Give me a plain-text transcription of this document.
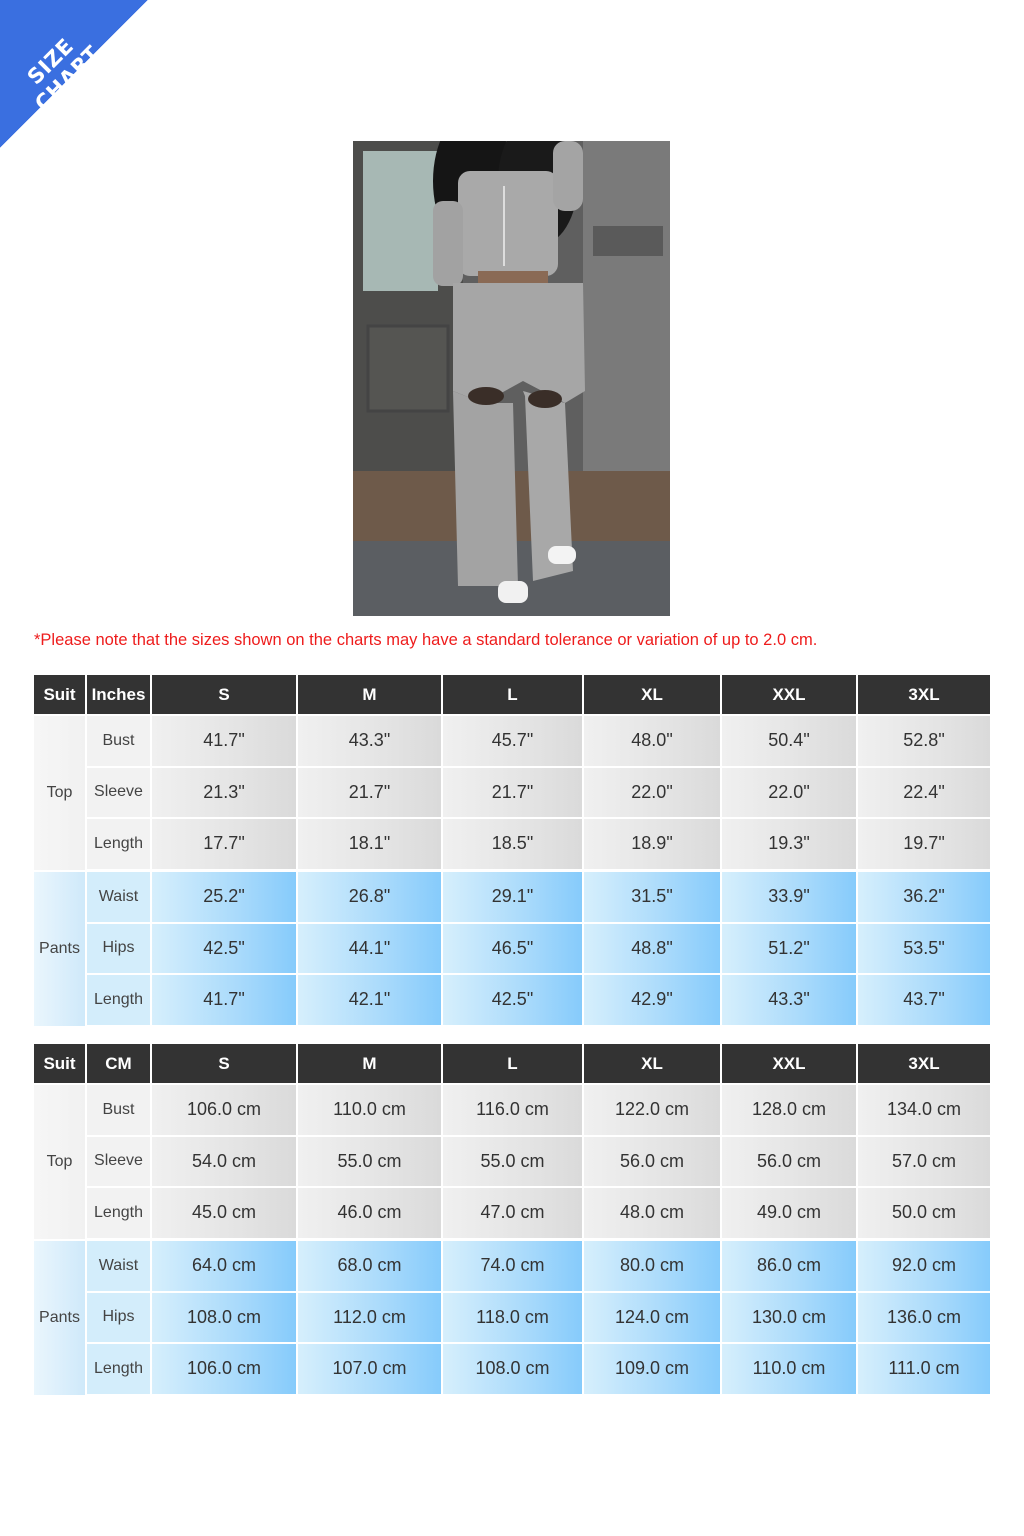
SIZE CHART
*Please note that the sizes shown on the charts may have a standard tolerance or variation of up to 2.0 cm.
Suit Inches	S	M	L	XL	XXL	3XL
Top
Bust	41.7"	43.3"	45.7"	48.0"	50.4"	52.8"
Sleeve	21.3"	21.7"	21.7"	22.0"	22.0"	22.4"
Length	17.7"	18.1"	18.5"	18.9"	19.3"	19.7"
Pants
Waist	25.2"	26.8"	29.1"	31.5"	33.9"	36.2"
Hips	42.5"	44.1"	46.5"	48.8"	51.2"	53.5"
Length	41.7"	42.1"	42.5"	42.9"	43.3"	43.7"
Suit	CM	S	M	L	XL	XXL	3XL
Top
Bust	106.0 cm	110.0 cm	116.0 cm	122.0 cm	128.0 cm	134.0 cm
Sleeve	54.0 cm	55.0 cm	55.0 cm	56.0 cm	56.0 cm	57.0 cm
Length	45.0 cm	46.0 cm	47.0 cm	48.0 cm	49.0 cm	50.0 cm
Pants
Waist	64.0 cm	68.0 cm	74.0 cm	80.0 cm	86.0 cm	92.0 cm
Hips	108.0 cm	112.0 cm	118.0 cm	124.0 cm	130.0 cm	136.0 cm
Length	106.0 cm	107.0 cm	108.0 cm	109.0 cm	110.0 cm	111.0 cm
